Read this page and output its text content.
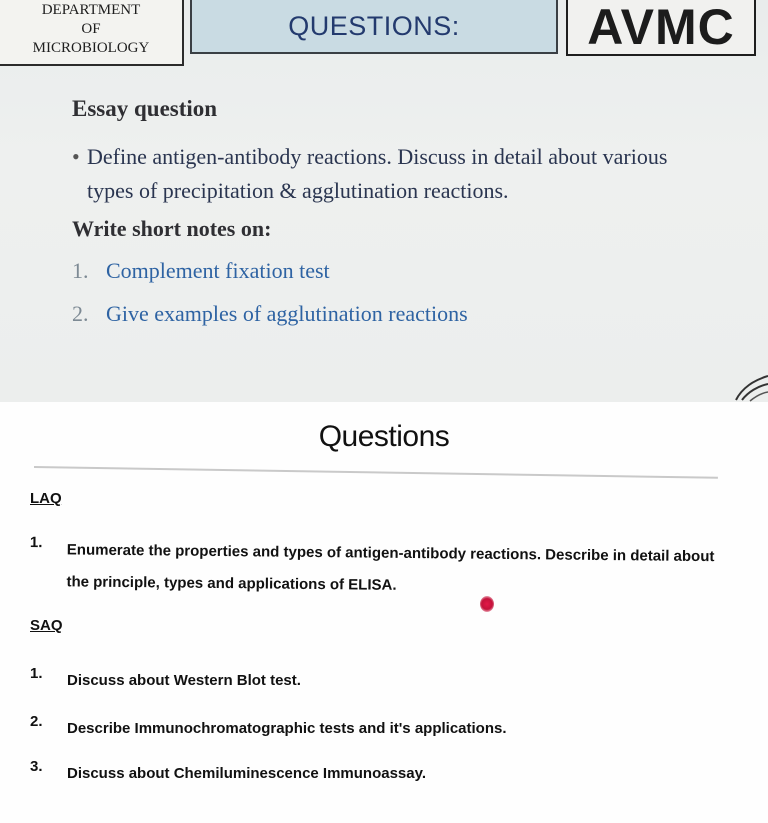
DEPARTMENT
OF
MICROBIOLOGY
QUESTIONS:	AVMC
Essay question
• Define antigen-antibody reactions. Discuss in detail about various types of precipitation & agglutination reactions.
Write short notes on:
1. Complement fixation test
2. Give examples of agglutination reactions
Questions
LAQ
1.	Enumerate the properties and types of antigen-antibody reactions. Describe in detail about the principle, types and applications of ELISA.
SAQ
1.	Discuss about Western Blot test.
2.	Describe Immunochromatographic tests and it's applications.
3.	Discuss about Chemiluminescence Immunoassay.
